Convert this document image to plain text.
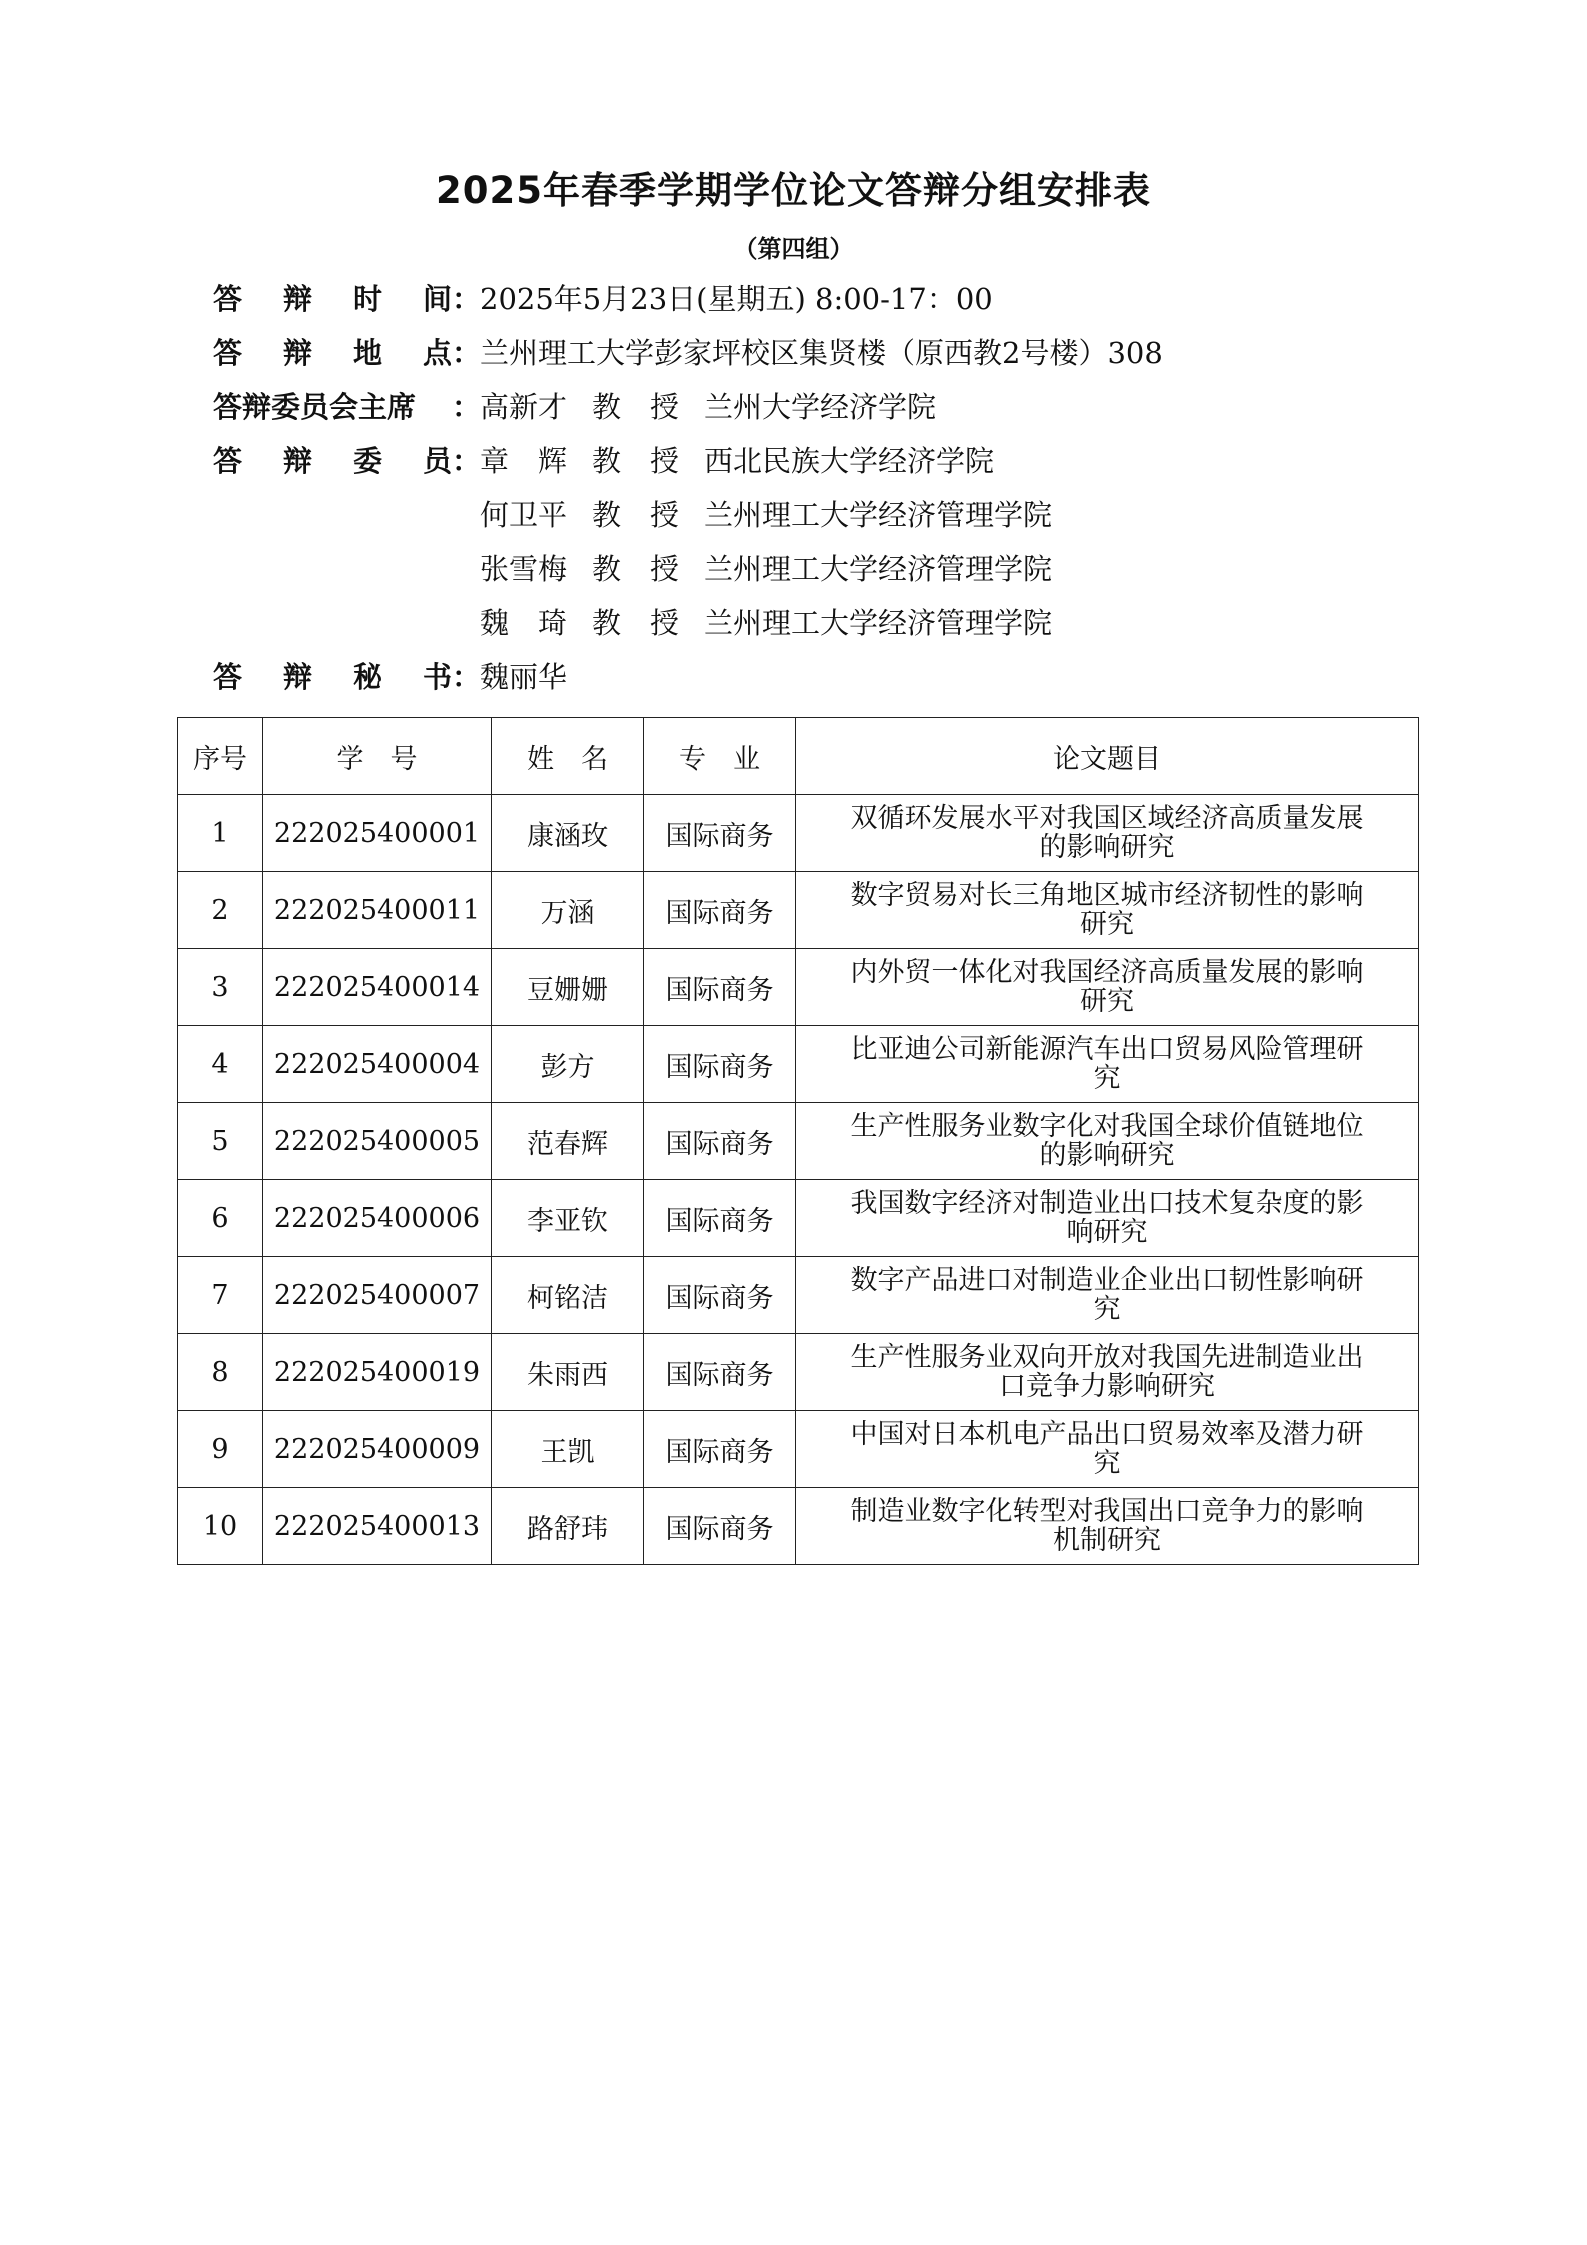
2025年春季学期学位论文答辩分组安排表
（第四组）
答 辩 时 间 ：
2025年5月23日(星期五) 8:00-17：00
答 辩 地 点 ：
兰州理工大学彭家坪校区集贤楼（原西教2号楼）308
答辩委员会主席 ：
高新才 教　授 兰州大学经济学院
答 辩 委 员 ：
章　辉 教　授 西北民族大学经济学院
何卫平 教　授 兰州理工大学经济管理学院
张雪梅 教　授 兰州理工大学经济管理学院
魏　琦 教　授 兰州理工大学经济管理学院
答 辩 秘 书 ：
魏丽华
序号	学　号	姓　名	专　业	论文题目
1	222025400001	康涵玫	国际商务	双循环发展水平对我国区域经济高质量发展
的影响研究

2	222025400011	万涵	国际商务	数字贸易对长三角地区城市经济韧性的影响
研究

3	222025400014	豆姗姗	国际商务	内外贸一体化对我国经济高质量发展的影响
研究

4	222025400004	彭方	国际商务	比亚迪公司新能源汽车出口贸易风险管理研
究

5	222025400005	范春辉	国际商务	生产性服务业数字化对我国全球价值链地位
的影响研究

6	222025400006	李亚钦	国际商务	我国数字经济对制造业出口技术复杂度的影
响研究

7	222025400007	柯铭洁	国际商务	数字产品进口对制造业企业出口韧性影响研
究

8	222025400019	朱雨西	国际商务	生产性服务业双向开放对我国先进制造业出
口竞争力影响研究

9	222025400009	王凯	国际商务	中国对日本机电产品出口贸易效率及潜力研
究

10	222025400013	路舒玮	国际商务	制造业数字化转型对我国出口竞争力的影响
机制研究
